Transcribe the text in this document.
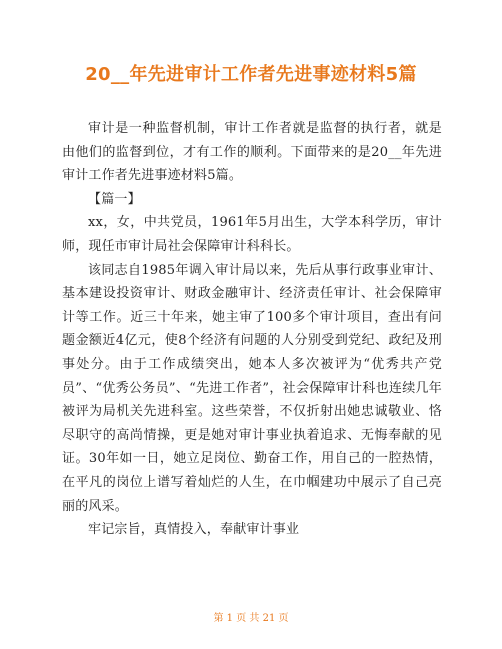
20__年先进审计工作者先进事迹材料5篇

审计是一种监督机制，审计工作者就是监督的执行者，就是由他们的监督到位，才有工作的顺利。下面带来的是20__年先进审计工作者先进事迹材料5篇。

【篇一】

xx，女，中共党员，1961年5月出生，大学本科学历，审计师，现任市审计局社会保障审计科科长。

该同志自1985年调入审计局以来，先后从事行政事业审计、基本建设投资审计、财政金融审计、经济责任审计、社会保障审计等工作。近三十年来，她主审了100多个审计项目，查出有问题金额近4亿元，使8个经济有问题的人分别受到党纪、政纪及刑事处分。由于工作成绩突出，她本人多次被评为“优秀共产党员”、“优秀公务员”、“先进工作者”，社会保障审计科也连续几年被评为局机关先进科室。这些荣誉，不仅折射出她忠诚敬业、恪尽职守的高尚情操，更是她对审计事业执着追求、无悔奉献的见证。30年如一日，她立足岗位、勤奋工作，用自己的一腔热情，在平凡的岗位上谱写着灿烂的人生，在巾帼建功中展示了自己亮丽的风采。

牢记宗旨，真情投入，奉献审计事业

第 1 页 共 21 页
